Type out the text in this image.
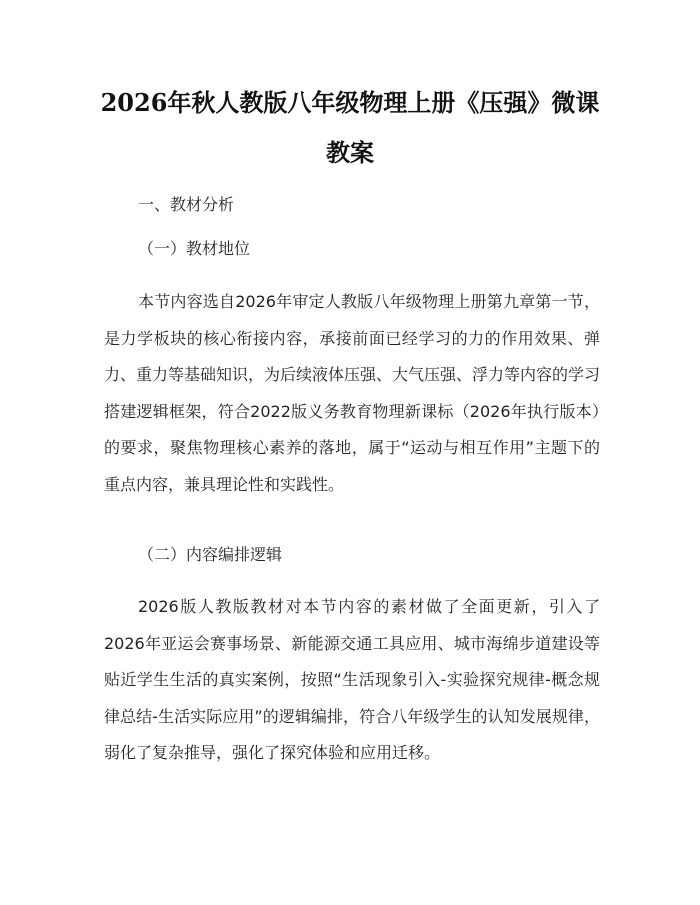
2026年秋人教版八年级物理上册《压强》微课教案

一、教材分析

（一）教材地位

本节内容选自2026年审定人教版八年级物理上册第九章第一节，是力学板块的核心衔接内容，承接前面已经学习的力的作用效果、弹力、重力等基础知识，为后续液体压强、大气压强、浮力等内容的学习搭建逻辑框架，符合2022版义务教育物理新课标（2026年执行版本）的要求，聚焦物理核心素养的落地，属于“运动与相互作用”主题下的重点内容，兼具理论性和实践性。

（二）内容编排逻辑

2026版人教版教材对本节内容的素材做了全面更新，引入了2026年亚运会赛事场景、新能源交通工具应用、城市海绵步道建设等贴近学生生活的真实案例，按照“生活现象引入-实验探究规律-概念规律总结-生活实际应用”的逻辑编排，符合八年级学生的认知发展规律，弱化了复杂推导，强化了探究体验和应用迁移。
